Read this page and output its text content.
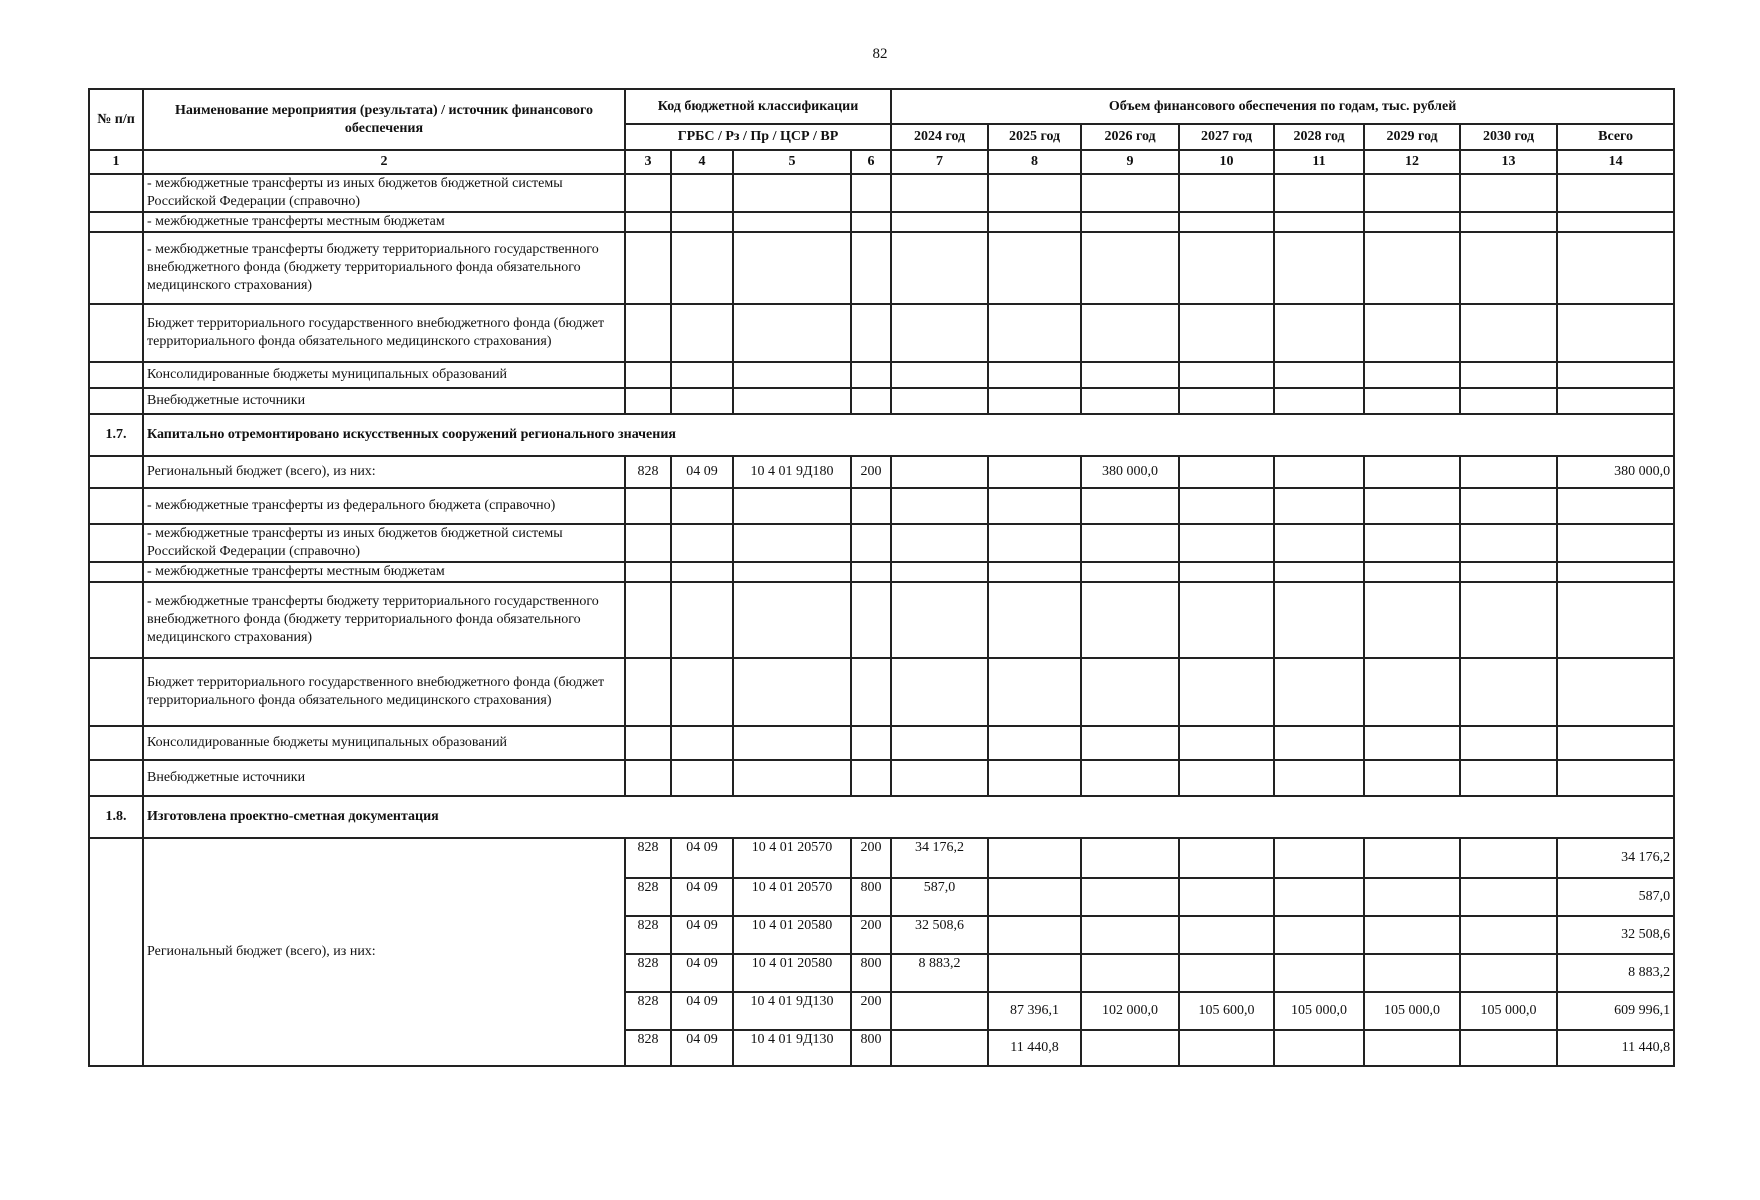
82
№ п/п	Наименование мероприятия (результата) / источник финансового обеспечения	Код бюджетной классификации				Объем финансового обеспечения по годам, тыс. рублей							
		ГРБС / Рз / Пр / ЦСР / ВР				2024 год	2025 год	2026 год	2027 год	2028 год	2029 год	2030 год	Всего
1	2	3	4	5	6	7	8	9	10	11	12	13	14
	- межбюджетные трансферты из иных бюджетов бюджетной системы Российской Федерации (справочно)												
	- межбюджетные трансферты местным бюджетам												
	- межбюджетные трансферты бюджету территориального государственного внебюджетного фонда (бюджету территориального фонда обязательного медицинского страхования)												
	Бюджет территориального государственного внебюджетного фонда (бюджет территориального фонда обязательного медицинского страхования)												
	Консолидированные бюджеты муниципальных образований												
	Внебюджетные источники												
1.7.	Капитально отремонтировано искусственных сооружений регионального значения												
	Региональный бюджет (всего), из них:	828	04 09	10 4 01 9Д180	200			380 000,0					380 000,0
	- межбюджетные трансферты из федерального бюджета (справочно)												
	- межбюджетные трансферты из иных бюджетов бюджетной системы Российской Федерации (справочно)												
	- межбюджетные трансферты местным бюджетам												
	- межбюджетные трансферты бюджету территориального государственного внебюджетного фонда (бюджету территориального фонда обязательного медицинского страхования)												
	Бюджет территориального государственного внебюджетного фонда (бюджет территориального фонда обязательного медицинского страхования)												
	Консолидированные бюджеты муниципальных образований												
	Внебюджетные источники												
1.8.	Изготовлена проектно-сметная документация												
	Региональный бюджет (всего), из них:	828	04 09	10 4 01 20570	200	34 176,2							34 176,2
		828	04 09	10 4 01 20570	800	587,0							587,0
		828	04 09	10 4 01 20580	200	32 508,6							32 508,6
		828	04 09	10 4 01 20580	800	8 883,2							8 883,2
		828	04 09	10 4 01 9Д130	200		87 396,1	102 000,0	105 600,0	105 000,0	105 000,0	105 000,0	609 996,1
		828	04 09	10 4 01 9Д130	800		11 440,8						11 440,8
